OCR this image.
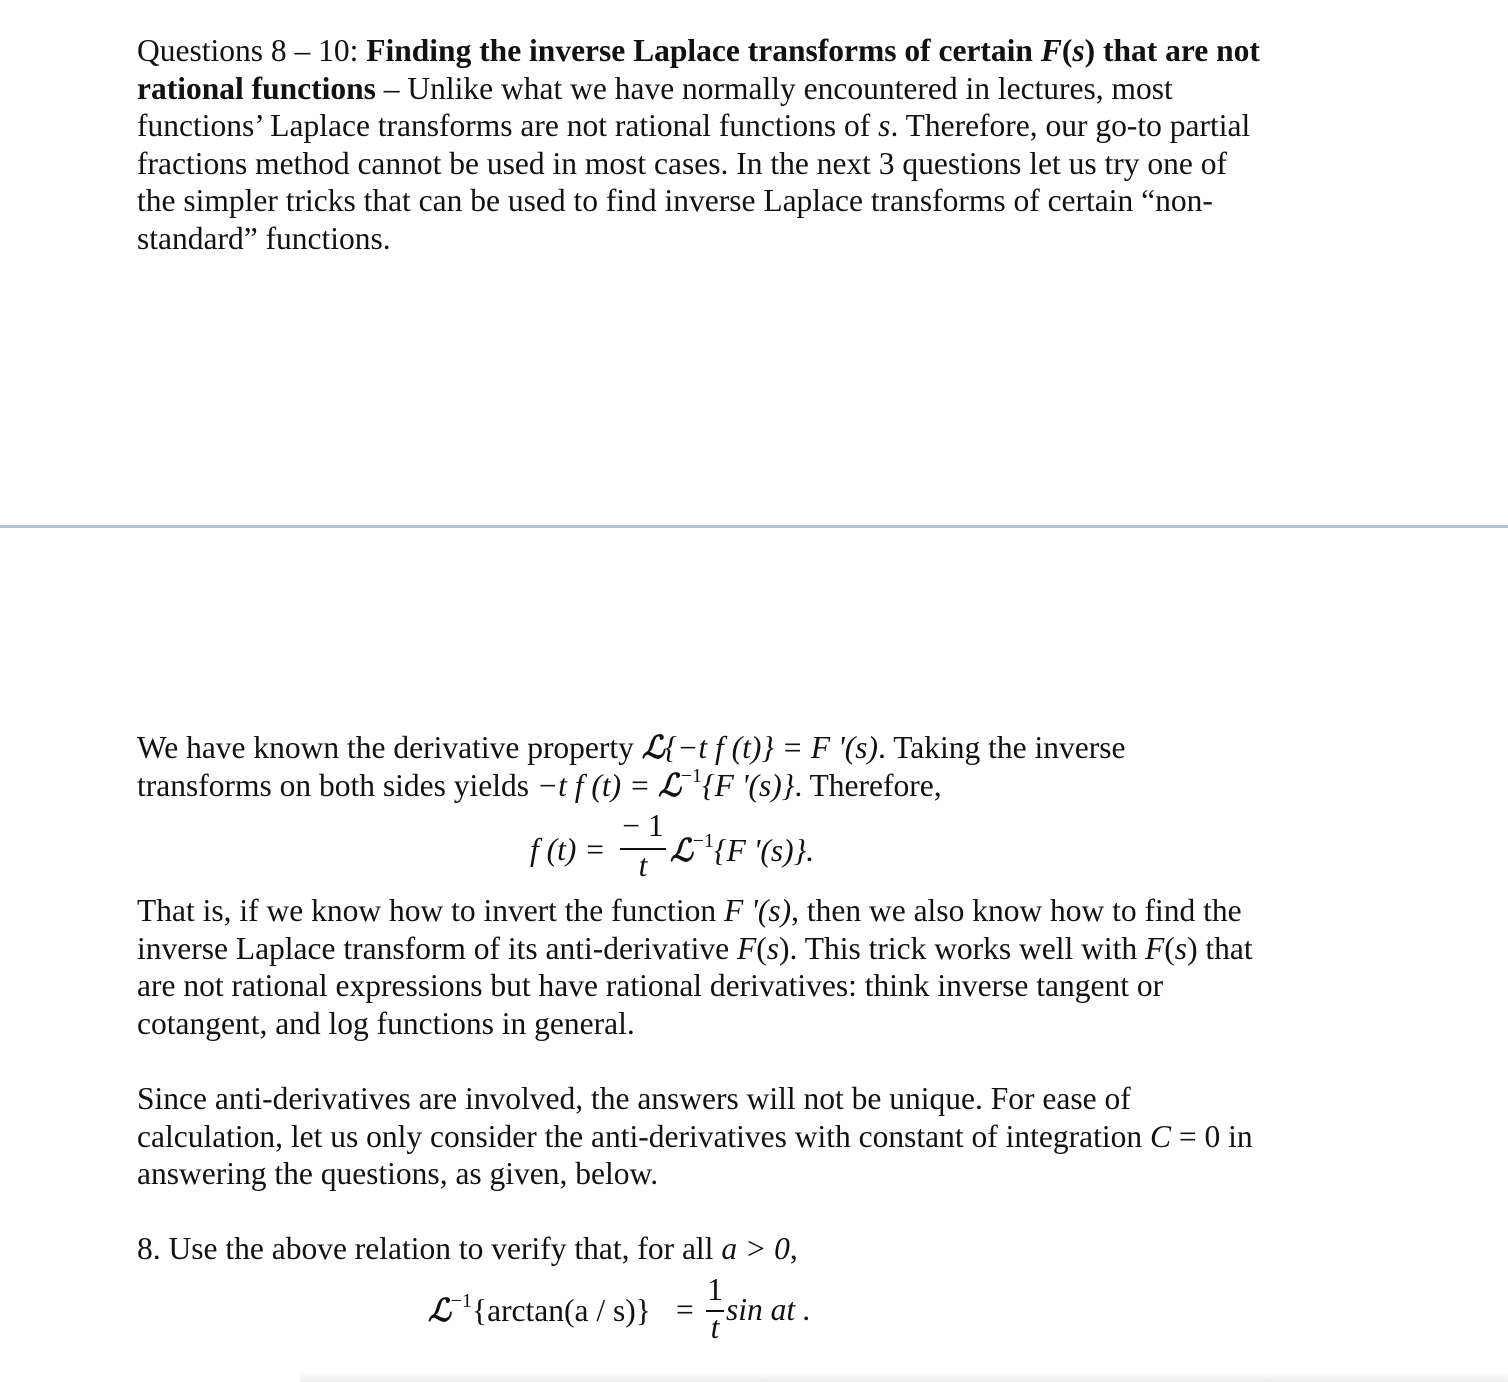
Questions 8 – 10: Finding the inverse Laplace transforms of certain F(s) that are not
rational functions – Unlike what we have normally encountered in lectures, most
functions’ Laplace transforms are not rational functions of s. Therefore, our go-to partial
fractions method cannot be used in most cases. In the next 3 questions let us try one of
the simpler tricks that can be used to find inverse Laplace transforms of certain “non-
standard” functions.
We have known the derivative property ℒ{−t f (t)} = F '(s). Taking the inverse
transforms on both sides yields −t f (t) = ℒ$^{-1}${F '(s)}. Therefore,
f (t) =
− 1
t ℒ$^{-1}${F '(s)}.
That is, if we know how to invert the function F '(s), then we also know how to find the
inverse Laplace transform of its anti-derivative F(s). This trick works well with F(s) that
are not rational expressions but have rational derivatives: think inverse tangent or
cotangent, and log functions in general.
Since anti-derivatives are involved, the answers will not be unique. For ease of
calculation, let us only consider the anti-derivatives with constant of integration C = 0 in
answering the questions, as given, below.
8. Use the above relation to verify that, for all a > 0,
ℒ$^{-1}${arctan(a / s)} =
1
t
sin at .
